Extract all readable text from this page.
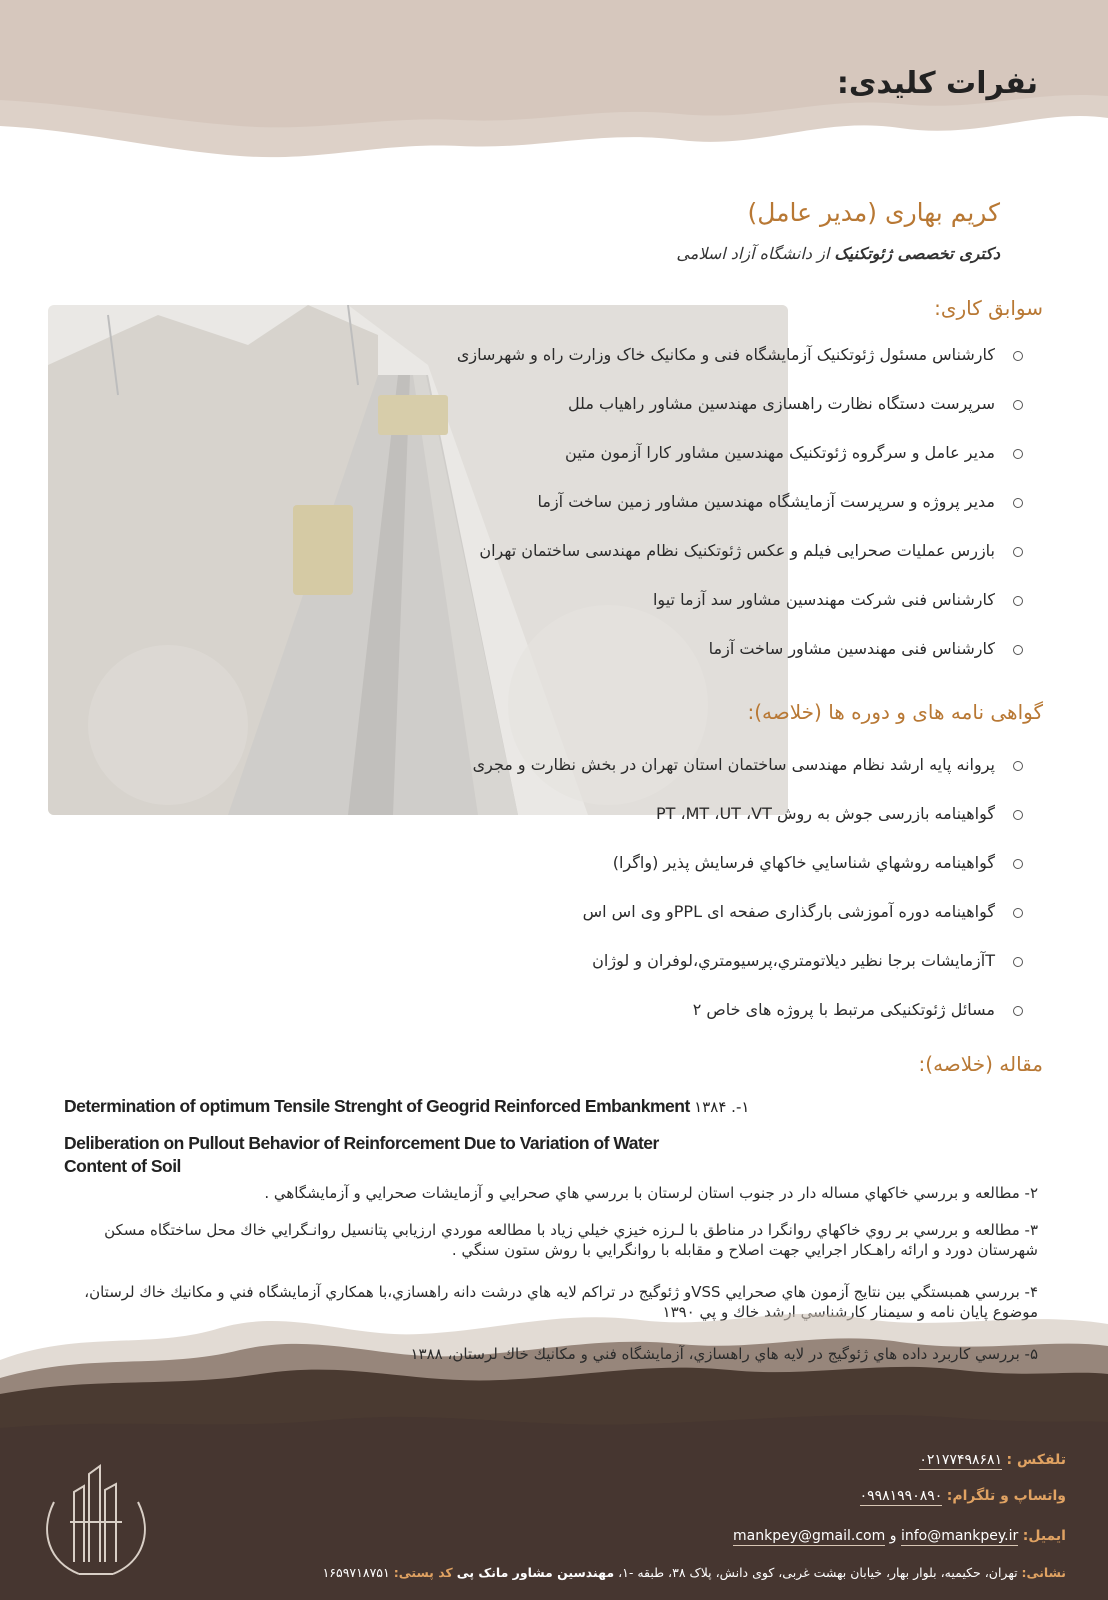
نفرات کلیدی:
کریم بهاری (مدیر عامل)
دکتری تخصصی ژئوتکنیک از دانشگاه آزاد اسلامی
سوابق کاری:
کارشناس مسئول ژئوتکنیک آزمایشگاه فنی و مکانیک خاک وزارت راه و شهرسازی
سرپرست دستگاه نظارت راهسازی مهندسین مشاور راهیاب ملل
مدیر عامل و سرگروه ژئوتکنیک مهندسین مشاور کارا آزمون متین
مدیر پروژه و سرپرست آزمایشگاه مهندسین مشاور زمین ساخت آزما
بازرس عملیات صحرایی فیلم و عکس ژئوتکنیک نظام مهندسی ساختمان تهران
کارشناس فنی شرکت مهندسین مشاور سد آزما تیوا
کارشناس فنی مهندسین مشاور ساخت آزما
گواهی نامه های و دوره ها (خلاصه):
پروانه پایه ارشد نظام مهندسی ساختمان استان تهران در بخش نظارت و مجری
گواهینامه بازرسی جوش به روش PT ،MT ،UT ،VT
گواهينامه روشهاي شناسايي خاكهاي فرسايش پذير (واگرا)
گواهینامه دوره آموزشی بارگذاری صفحه ای PPLو وی اس اس
Tآزمايشات برجا نظير ديلاتومتري،پرسيومتري،لوفران و لوژان
مسائل ژئوتکنیکی مرتبط با پروژه های خاص ۲
مقاله (خلاصه):
Determination of optimum Tensile Strenght of Geogrid Reinforced Embankment ۱۳۸۴ .-۱
Deliberation on Pullout Behavior of Reinforcement Due to Variation of Water
Content of Soil
۲- مطالعه و بررسي خاكهاي مساله دار در جنوب استان لرستان با بررسي هاي صحرايي و آزمايشات صحرايي و آزمايشگاهي .
۳- مطالعه و بررسي بر روي خاكهاي روانگرا در مناطق با لـرزه خيزي خيلي زياد با مطالعه موردي ارزيابي پتانسيل روانـگرايي خاك محل ساختگاه مسكن شهرستان دورد و ارائه راهـكار اجرايي جهت اصلاح و مقابله با روانگرايي با روش ستون سنگي .
۴- بررسي همبستگي بين نتايج آزمون هاي صحرايي VSSو ژئوگيج در تراكم لايه هاي درشت دانه راهسازي،با همكاري آزمايشگاه فني و مكانيك خاك لرستان، موضوع پايان نامه و سيمنار كارشناسي ارشد خاك و پي ۱۳۹۰
۵- بررسي كاربرد داده هاي ژئوگيج در لايه هاي راهسازي، آزمايشگاه فني و مكانيك خاك لرستان، ۱۳۸۸
تلفکس : ۰۲۱۷۷۴۹۸۶۸۱
واتساپ و تلگرام: ۰۹۹۸۱۹۹۰۸۹۰
ایمیل: info@mankpey.ir و mankpey@gmail.com
نشانی: تهران، حکیمیه، بلوار بهار، خیابان بهشت غربی، کوی دانش، پلاک ۳۸، طبقه -۱، مهندسین مشاور مانک پی کد پستی: ۱۶۵۹۷۱۸۷۵۱
